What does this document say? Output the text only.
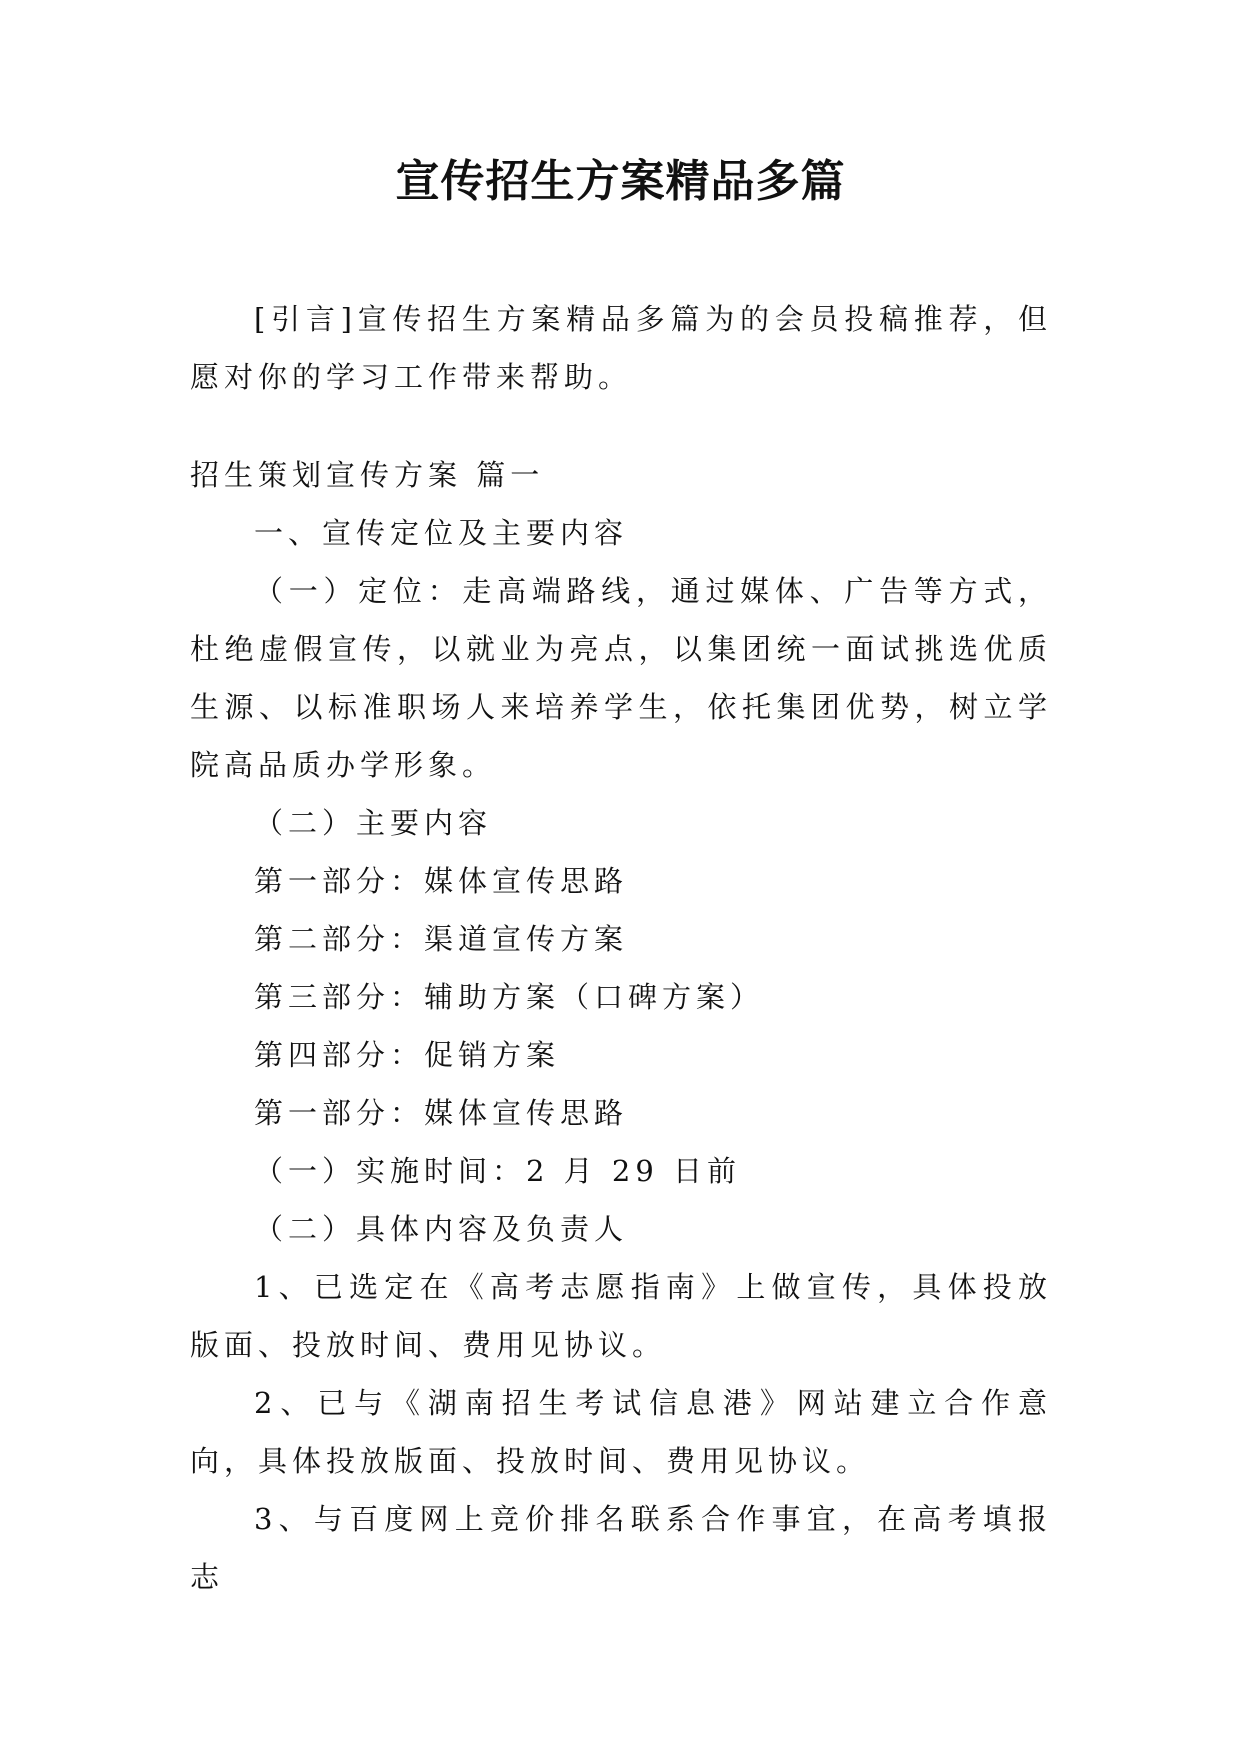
宣传招生方案精品多篇

[引言]宣传招生方案精品多篇为的会员投稿推荐，但愿对你的学习工作带来帮助。

招生策划宣传方案 篇一

一、宣传定位及主要内容

（一）定位：走高端路线，通过媒体、广告等方式，杜绝虚假宣传，以就业为亮点，以集团统一面试挑选优质生源、以标准职场人来培养学生，依托集团优势，树立学院高品质办学形象。

（二）主要内容

第一部分：媒体宣传思路

第二部分：渠道宣传方案

第三部分：辅助方案（口碑方案）

第四部分：促销方案

第一部分：媒体宣传思路

（一）实施时间：2 月 29 日前

（二）具体内容及负责人

1、已选定在《高考志愿指南》上做宣传，具体投放版面、投放时间、费用见协议。

2、已与《湖南招生考试信息港》网站建立合作意向，具体投放版面、投放时间、费用见协议。

3、与百度网上竞价排名联系合作事宜，在高考填报志
